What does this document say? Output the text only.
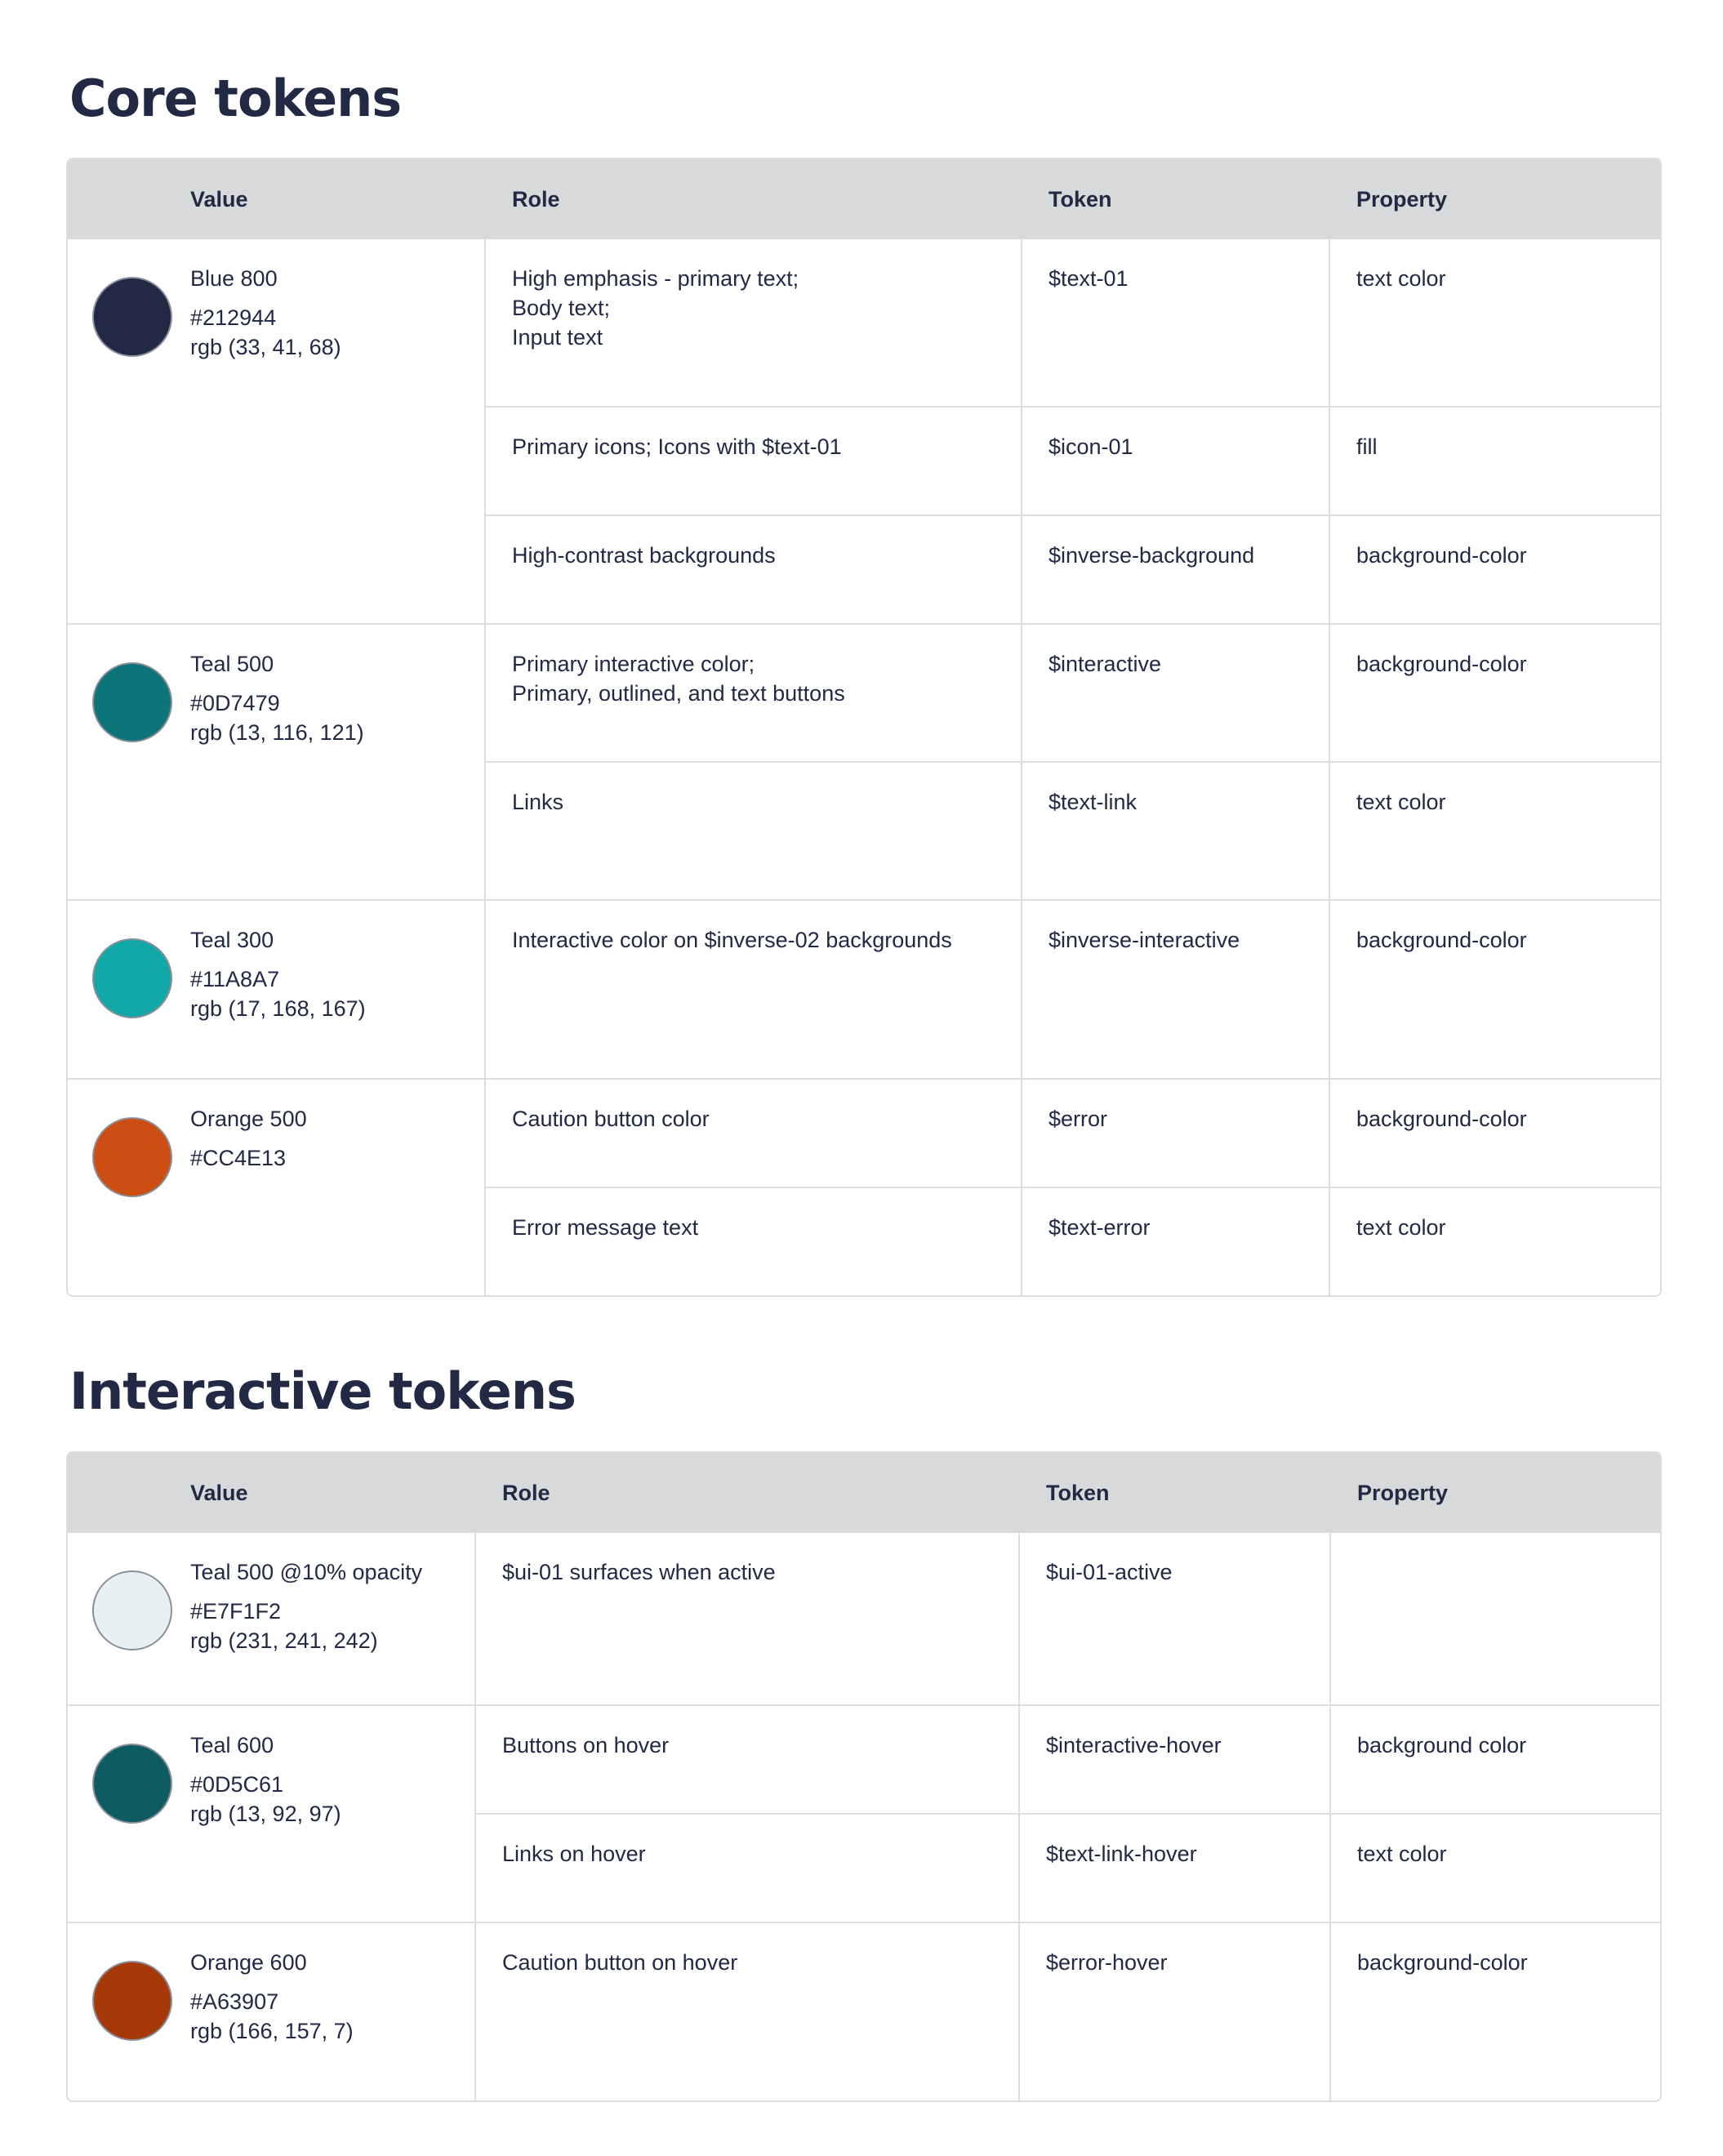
Core tokens
	Value	Role	Token	Property

	Blue 800
#212944
rgb (33, 41, 68)	High emphasis - primary text;
Body text;
Input text	$text-01	text color

		Primary icons; Icons with $text-01	$icon-01	fill

		High-contrast backgrounds	$inverse-background	background-color

	Teal 500
#0D7479
rgb (13, 116, 121)	Primary interactive color;
Primary, outlined, and text buttons	$interactive	background-color

		Links	$text-link	text color

	Teal 300
#11A8A7
rgb (17, 168, 167)	Interactive color on $inverse-02 backgrounds	$inverse-interactive	background-color

	Orange 500
#CC4E13	Caution button color	$error	background-color

		Error message text	$text-error	text color
Interactive tokens
	Value	Role	Token	Property

	Teal 500 @10% opacity
#E7F1F2
rgb (231, 241, 242)	$ui-01 surfaces when active	$ui-01-active	

	Teal 600
#0D5C61
rgb (13, 92, 97)	Buttons on hover	$interactive-hover	background color

		Links on hover	$text-link-hover	text color

	Orange 600
#A63907
rgb (166, 157, 7)	Caution button on hover	$error-hover	background-color
